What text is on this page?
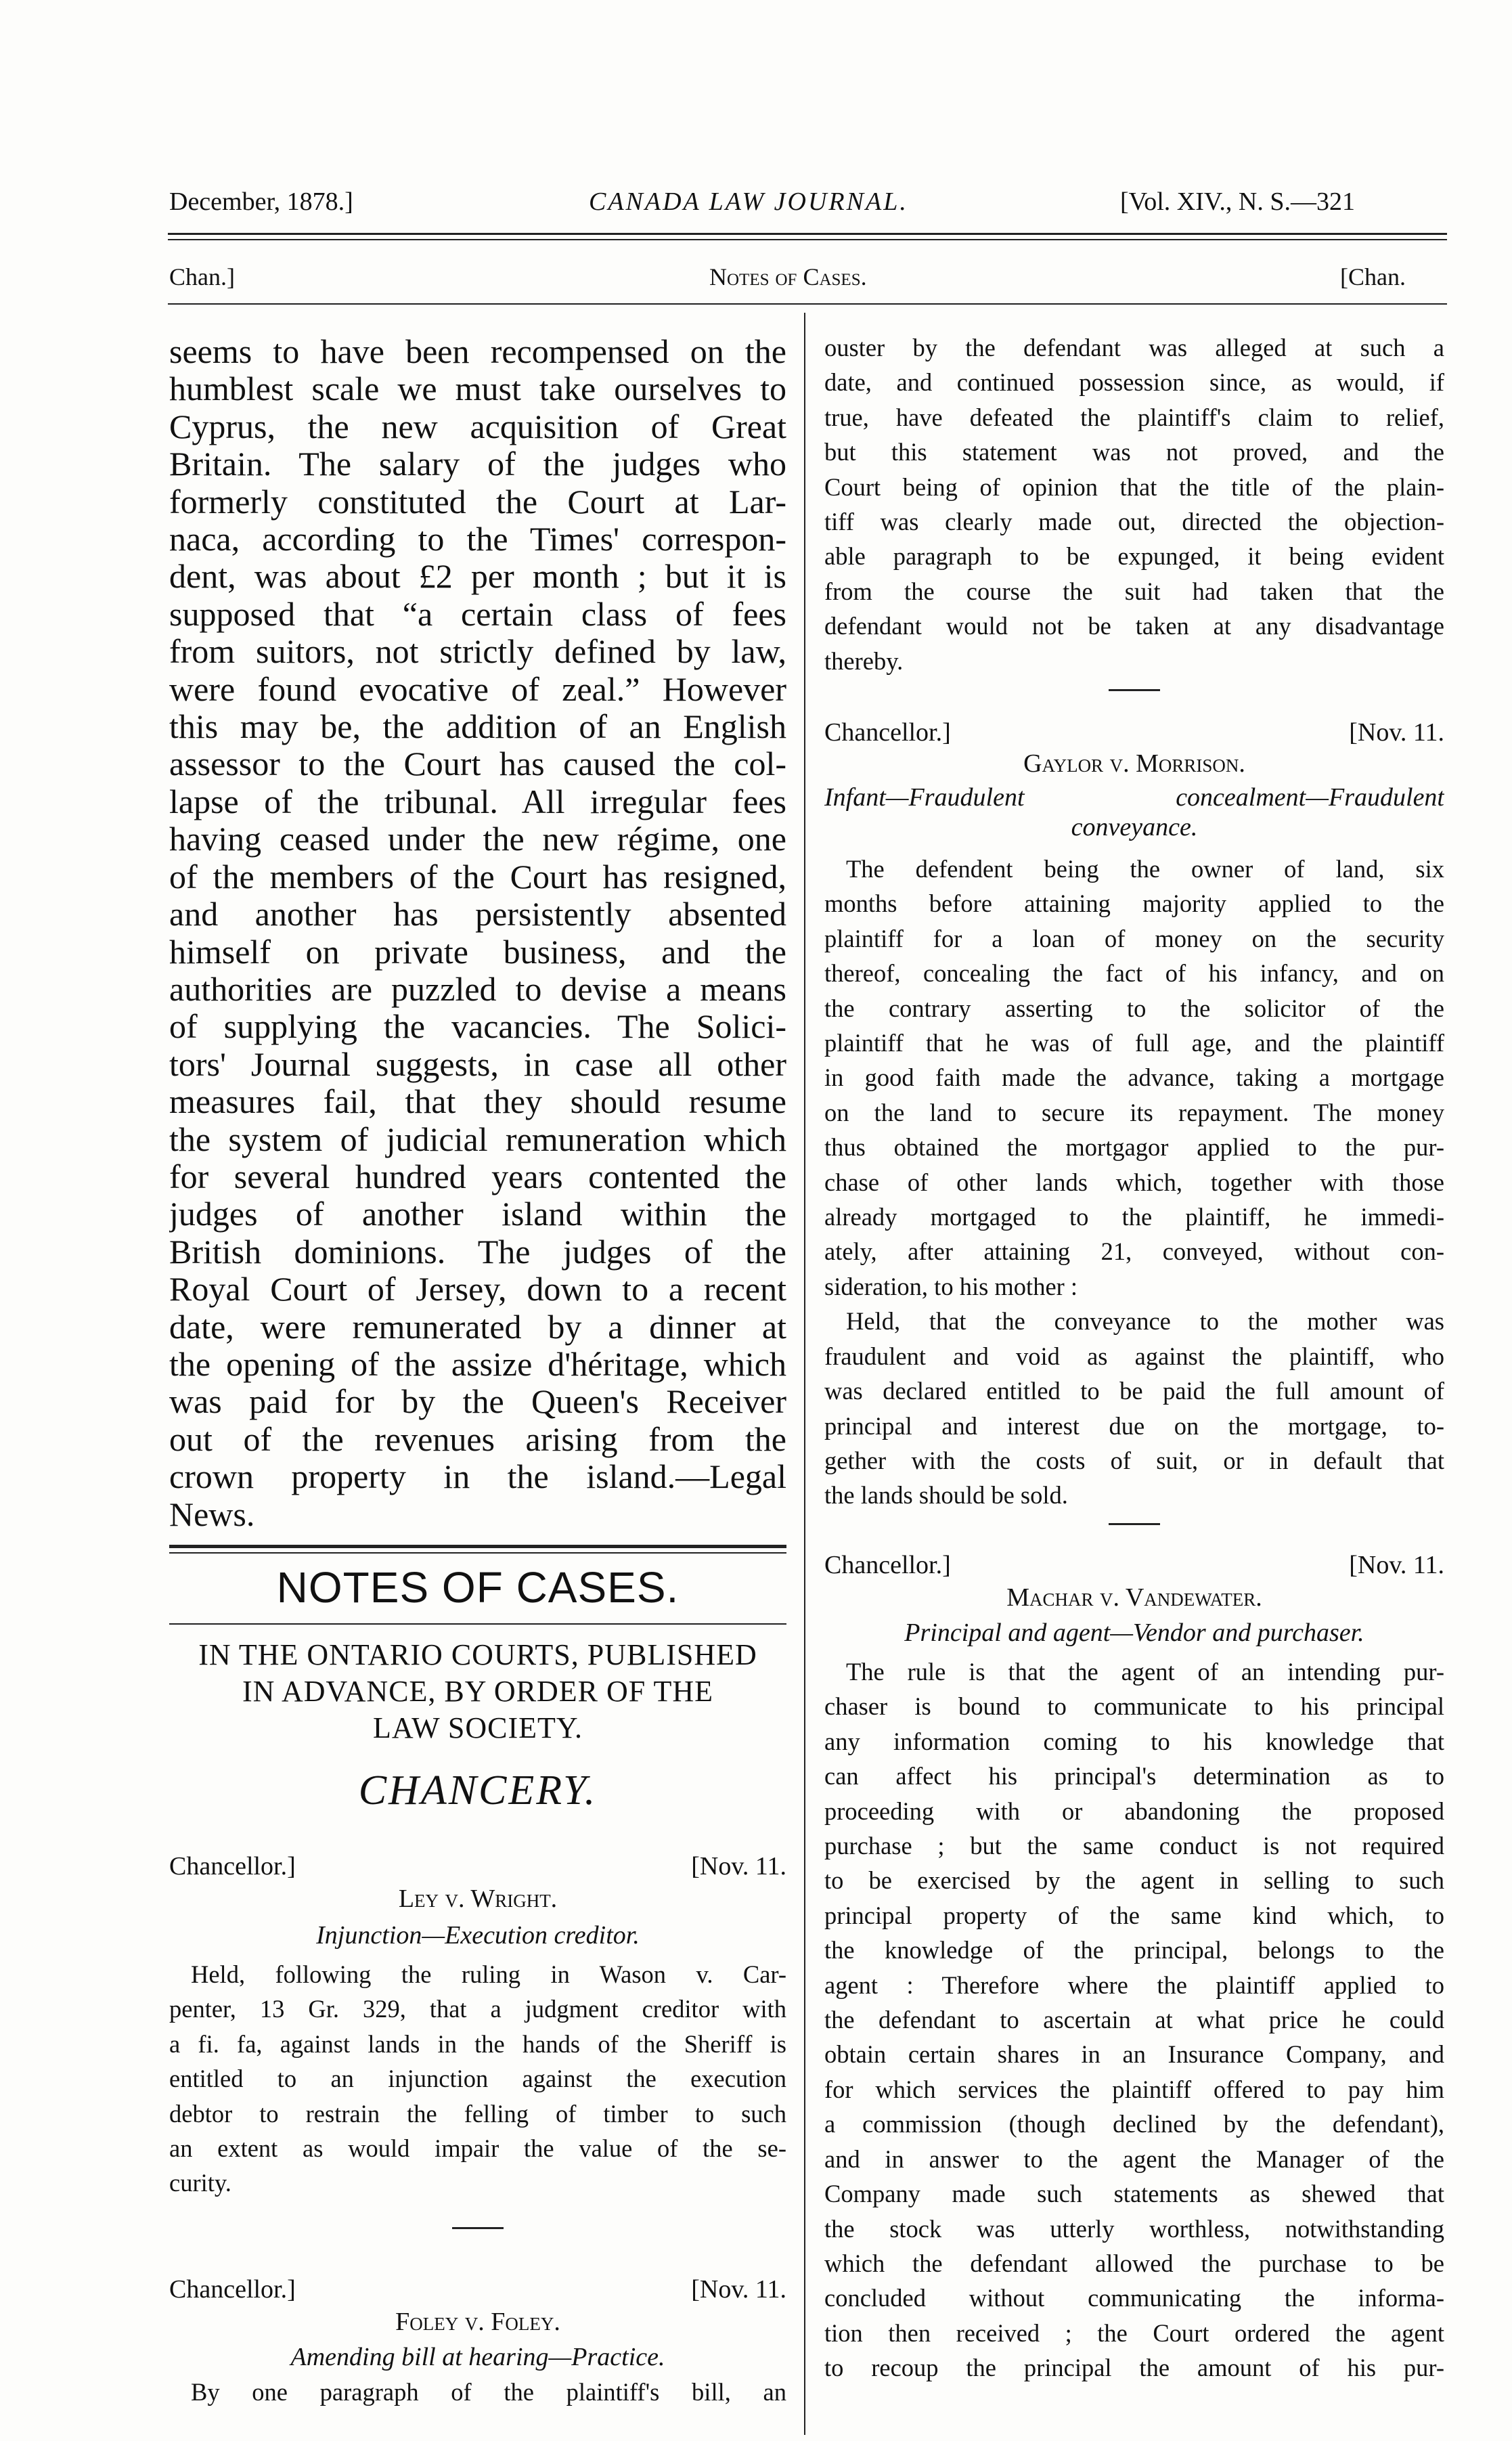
December, 1878.]	CANADA LAW JOURNAL.	[Vol. XIV., N. S.—321
Chan.]	Notes of Cases.	[Chan.
seems to have been recompensed on the
humblest scale we must take ourselves to
Cyprus, the new acquisition of Great
Britain. The salary of the judges who
formerly constituted the Court at Lar-
naca, according to the Times' correspon-
dent, was about £2 per month ; but it is
supposed that “a certain class of fees
from suitors, not strictly defined by law,
were found evocative of zeal.” However
this may be, the addition of an English
assessor to the Court has caused the col-
lapse of the tribunal. All irregular fees
having ceased under the new régime, one
of the members of the Court has resigned,
and another has persistently absented
himself on private business, and the
authorities are puzzled to devise a means
of supplying the vacancies. The Solici-
tors' Journal suggests, in case all other
measures fail, that they should resume
the system of judicial remuneration which
for several hundred years contented the
judges of another island within the
British dominions. The judges of the
Royal Court of Jersey, down to a recent
date, were remunerated by a dinner at
the opening of the assize d'héritage, which
was paid for by the Queen's Receiver
out of the revenues arising from the
crown property in the island.—Legal
News.
NOTES OF CASES.
IN THE ONTARIO COURTS, PUBLISHED
IN ADVANCE, BY ORDER OF THE
LAW SOCIETY.
CHANCERY.
Chancellor.]	[Nov. 11.
Ley v. Wright.
Injunction—Execution creditor.
Held, following the ruling in Wason v. Car-
penter, 13 Gr. 329, that a judgment creditor with
a fi. fa, against lands in the hands of the Sheriff is
entitled to an injunction against the execution
debtor to restrain the felling of timber to such
an extent as would impair the value of the se-
curity.
Chancellor.]	[Nov. 11.
Foley v. Foley.
Amending bill at hearing—Practice.
By one paragraph of the plaintiff's bill, an
ouster by the defendant was alleged at such a
date, and continued possession since, as would, if
true, have defeated the plaintiff's claim to relief,
but this statement was not proved, and the
Court being of opinion that the title of the plain-
tiff was clearly made out, directed the objection-
able paragraph to be expunged, it being evident
from the course the suit had taken that the
defendant would not be taken at any disadvantage
thereby.
Chancellor.]	[Nov. 11.
Gaylor v. Morrison.
Infant—Fraudulent concealment—Fraudulent
conveyance.
The defendent being the owner of land, six
months before attaining majority applied to the
plaintiff for a loan of money on the security
thereof, concealing the fact of his infancy, and on
the contrary asserting to the solicitor of the
plaintiff that he was of full age, and the plaintiff
in good faith made the advance, taking a mortgage
on the land to secure its repayment. The money
thus obtained the mortgagor applied to the pur-
chase of other lands which, together with those
already mortgaged to the plaintiff, he immedi-
ately, after attaining 21, conveyed, without con-
sideration, to his mother :
Held, that the conveyance to the mother was
fraudulent and void as against the plaintiff, who
was declared entitled to be paid the full amount of
principal and interest due on the mortgage, to-
gether with the costs of suit, or in default that
the lands should be sold.
Chancellor.]	[Nov. 11.
Machar v. Vandewater.
Principal and agent—Vendor and purchaser.
The rule is that the agent of an intending pur-
chaser is bound to communicate to his principal
any information coming to his knowledge that
can affect his principal's determination as to
proceeding with or abandoning the proposed
purchase ; but the same conduct is not required
to be exercised by the agent in selling to such
principal property of the same kind which, to
the knowledge of the principal, belongs to the
agent : Therefore where the plaintiff applied to
the defendant to ascertain at what price he could
obtain certain shares in an Insurance Company, and
for which services the plaintiff offered to pay him
a commission (though declined by the defendant),
and in answer to the agent the Manager of the
Company made such statements as shewed that
the stock was utterly worthless, notwithstanding
which the defendant allowed the purchase to be
concluded without communicating the informa-
tion then received ; the Court ordered the agent
to recoup the principal the amount of his pur-
